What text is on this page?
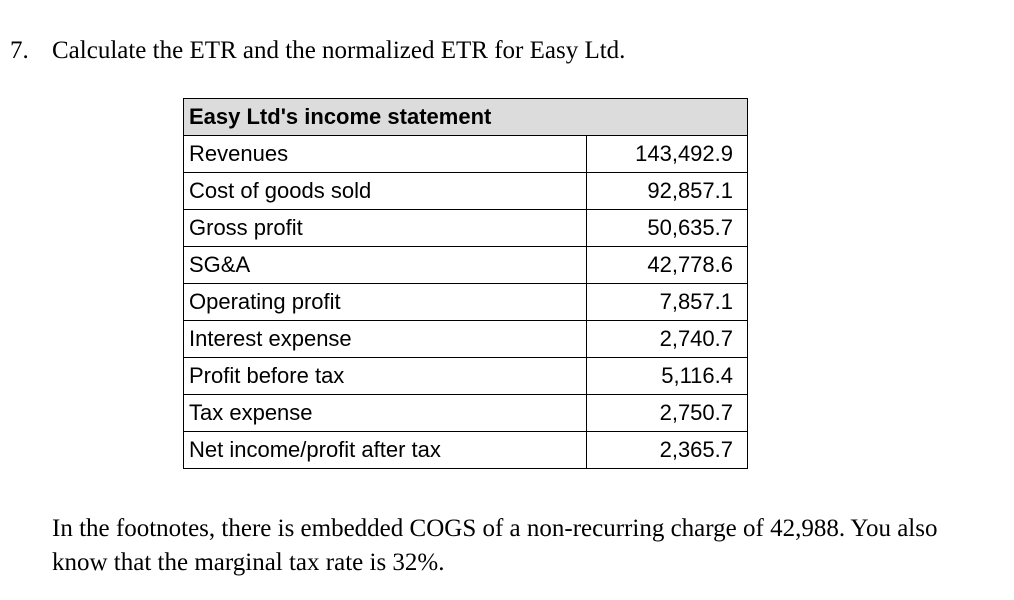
7. Calculate the ETR and the normalized ETR for Easy Ltd.
Easy Ltd's income statement	
Revenues	143,492.9
Cost of goods sold	92,857.1
Gross profit	50,635.7
SG&A	42,778.6
Operating profit	7,857.1
Interest expense	2,740.7
Profit before tax	5,116.4
Tax expense	2,750.7
Net income/profit after tax	2,365.7
In the footnotes, there is embedded COGS of a non-recurring charge of 42,988. You also know that the marginal tax rate is 32%.
